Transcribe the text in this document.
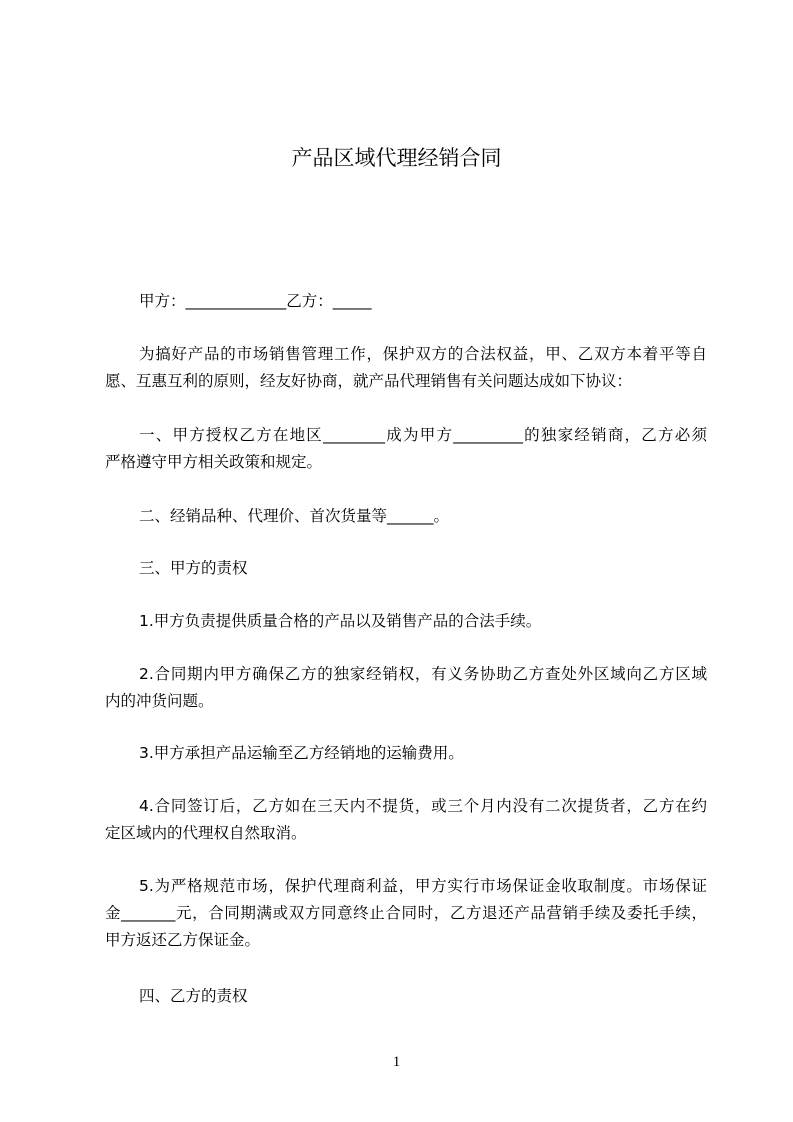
产品区域代理经销合同
甲方：_____________乙方：_____
为搞好产品的市场销售管理工作，保护双方的合法权益，甲、乙双方本着平等自
愿、互惠互利的原则，经友好协商，就产品代理销售有关问题达成如下协议：
一、甲方授权乙方在地区________成为甲方_________的独家经销商，乙方必须
严格遵守甲方相关政策和规定。
二、经销品种、代理价、首次货量等______。
三、甲方的责权
1.甲方负责提供质量合格的产品以及销售产品的合法手续。
2.合同期内甲方确保乙方的独家经销权，有义务协助乙方查处外区域向乙方区域
内的冲货问题。
3.甲方承担产品运输至乙方经销地的运输费用。
4.合同签订后，乙方如在三天内不提货，或三个月内没有二次提货者，乙方在约
定区域内的代理权自然取消。
5.为严格规范市场，保护代理商利益，甲方实行市场保证金收取制度。市场保证
金_______元，合同期满或双方同意终止合同时，乙方退还产品营销手续及委托手续，
甲方返还乙方保证金。
四、乙方的责权
1
